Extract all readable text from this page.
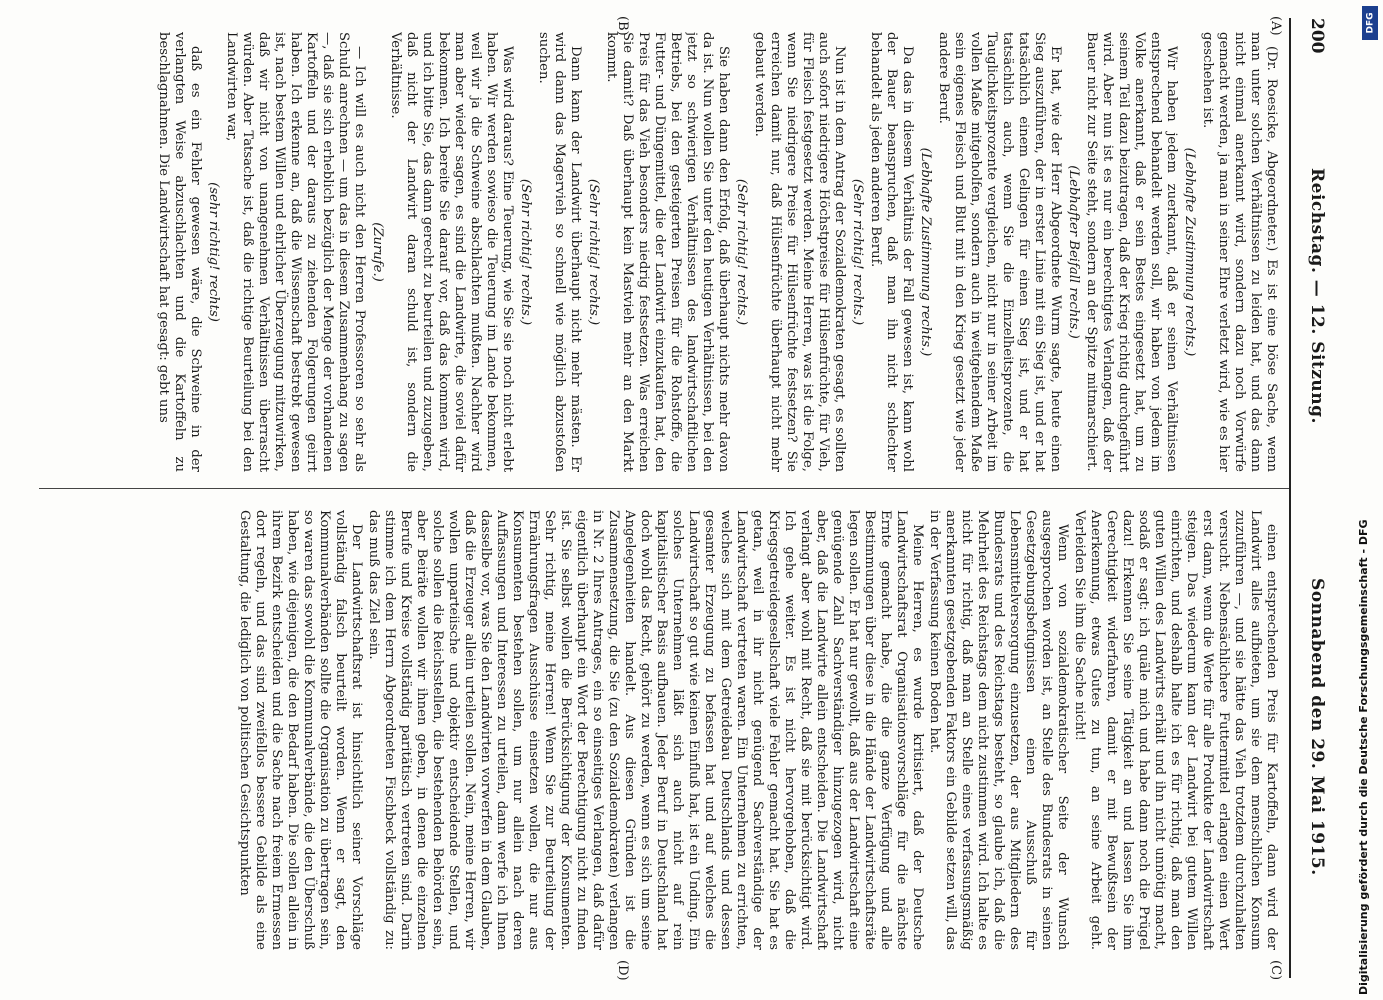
200
Reichstag. — 12. Sitzung.
Sonnabend den 29. Mai 1915.
(A)
(B)
(C)
(D)

(Dr. Roesicke, Abgeordneter.) Es ist eine böse Sache, wenn man unter solchen Verhältnissen zu leiden hat, und das dann nicht einmal anerkannt wird, sondern dazu noch Vorwürfe gemacht werden, ja man in seiner Ehre verletzt wird, wie es hier geschehen ist.

(Lebhafte Zustimmung rechts.)

Wir haben jedem zuerkannt, daß er seinen Verhältnissen entsprechend behandelt werden soll, wir haben von jedem im Volke anerkannt, daß er sein Bestes eingesetzt hat, um zu seinem Teil dazu beizutragen, daß der Krieg richtig durchgeführt wird. Aber nun ist es nur ein berechtigtes Verlangen, daß der Bauer nicht zur Seite steht, sondern an der Spitze mitmarschiert.

(Lebhafter Beifall rechts.)

Er hat, wie der Herr Abgeordnete Wurm sagte, heute einen Sieg auszuführen, der in erster Linie mit ein Sieg ist, und er hat tatsächlich einem Gelingen für einen Sieg ist, und er hat tatsächlich auch, wenn Sie die Einzelheitsprozente, die Tauglichkeitsprozente vergleichen, nicht nur in seiner Arbeit im vollen Maße mitgeholfen, sondern auch in weitgehendem Maße sein eigenes Fleisch und Blut mit in den Krieg gesetzt wie jeder andere Beruf.

(Lebhafte Zustimmung rechts.)

Da das in diesem Verhältnis der Fall gewesen ist, kann wohl der Bauer beanspruchen, daß man ihn nicht schlechter behandelt als jeden anderen Beruf.

(Sehr richtig! rechts.)

Nun ist in dem Antrag der Sozialdemokraten gesagt, es sollten auch sofort niedrigere Höchstpreise für Hülsenfrüchte, für Vieh, für Fleisch festgesetzt werden. Meine Herren, was ist die Folge, wenn Sie niedrigere Preise für Hülsenfrüchte festsetzen? Sie erreichen damit nur, daß Hülsenfrüchte überhaupt nicht mehr gebaut werden.

(Sehr richtig! rechts.)

Sie haben dann den Erfolg, daß überhaupt nichts mehr davon da ist. Nun wollen Sie unter den heutigen Verhältnissen, bei den jetzt so schwierigen Verhältnissen des landwirtschaftlichen Betriebs, bei den gesteigerten Preisen für die Rohstoffe, die Futter- und Düngemittel, die der Landwirt einzukaufen hat, den Preis für das Vieh besonders niedrig festsetzen. Was erreichen Sie damit? Daß überhaupt kein Mastvieh mehr an den Markt kommt.

(Sehr richtig! rechts.)

Dann kann der Landwirt überhaupt nicht mehr mästen. Er wird dann das Magervieh so schnell wie möglich abzustoßen suchen.

(Sehr richtig! rechts.)

Was wird daraus? Eine Teuerung, wie Sie sie noch nicht erlebt haben. Wir werden sowieso die Teuerung im Lande bekommen, weil wir ja die Schweine abschlachten mußten. Nachher wird man aber wieder sagen, es sind die Landwirte, die soviel dafür bekommen. Ich bereite Sie darauf vor, daß das kommen wird, und ich bitte Sie, das dann gerecht zu beurteilen und zuzugeben, daß nicht der Landwirt daran schuld ist, sondern die Verhältnisse.

(Zurufe.)

— Ich will es auch nicht den Herren Professoren so sehr als Schuld anrechnen — um das in diesem Zusammenhang zu sagen —, daß sie sich erheblich bezüglich der Menge der vorhandenen Kartoffeln und der daraus zu ziehenden Folgerungen geirrt haben. Ich erkenne an, daß die Wissenschaft bestrebt gewesen ist, nach bestem Willen und ehrlicher Überzeugung mitzuwirken, daß wir nicht von unangenehmen Verhältnissen überrascht würden. Aber Tatsache ist, daß die richtige Beurteilung bei den Landwirten war,

(sehr richtig! rechts)

daß es ein Fehler gewesen wäre, die Schweine in der verlangten Weise abzuschlachten und die Kartoffeln zu beschlagnahmen. Die Landwirtschaft hat gesagt: gebt uns

einen entsprechenden Preis für Kartoffeln, dann wird der Landwirt alles aufbieten, um sie dem menschlichen Konsum zuzuführen —, und sie hätte das Vieh trotzdem durchzuhalten versucht. Nebensächlichere Futtermittel erlangen einen Wert erst dann, wenn die Werte für alle Produkte der Landwirtschaft steigen. Das wiederum kann der Landwirt bei gutem Willen einrichten, und deshalb halte ich es für richtig, daß man den guten Willen des Landwirts erhält und ihn nicht unnötig macht, sodaß er sagt: ich quäle mich und habe dann noch die Prügel dazu! Erkennen Sie seine Tätigkeit an und lassen Sie ihm Gerechtigkeit widerfahren, damit er mit Bewußtsein der Anerkennung, etwas Gutes zu tun, an seine Arbeit geht. Verleiden Sie ihm die Sache nicht!

Wenn von sozialdemokratischer Seite der Wunsch ausgesprochen worden ist, an Stelle des Bundesrats in seinen Gesetzgebungsbefugnissen einen Ausschuß für Lebensmittelversorgung einzusetzen, der aus Mitgliedern des Bundesrats und des Reichstags besteht, so glaube ich, daß die Mehrheit des Reichstags dem nicht zustimmen wird. Ich halte es nicht für richtig, daß man an Stelle eines verfassungsmäßig anerkannten gesetzgebenden Faktors ein Gebilde setzen will, das in der Verfassung keinen Boden hat.

Meine Herren, es wurde kritisiert, daß der Deutsche Landwirtschaftsrat Organisationsvorschläge für die nächste Ernte gemacht habe, die die ganze Verfügung und alle Bestimmungen über diese in die Hände der Landwirtschaftsräte legen sollen. Er hat nur gewollt, daß aus der Landwirtschaft eine genügende Zahl Sachverständiger hinzugezogen wird, nicht aber, daß die Landwirte allein entscheiden. Die Landwirtschaft verlangt aber wohl mit Recht, daß sie mit berücksichtigt wird. Ich gehe weiter. Es ist nicht hervorgehoben, daß die Kriegsgetreidegesellschaft viele Fehler gemacht hat. Sie hat es getan, weil in ihr nicht genügend Sachverständige der Landwirtschaft vertreten waren. Ein Unternehmen zu errichten, welches sich mit dem Getreidebau Deutschlands und dessen gesamter Erzeugung zu befassen hat und auf welches die Landwirtschaft so gut wie keinen Einfluß hat, ist ein Unding. Ein solches Unternehmen läßt sich auch nicht auf rein kapitalistischer Basis aufbauen. Jeder Beruf in Deutschland hat doch wohl das Recht, gehört zu werden, wenn es sich um seine Angelegenheiten handelt. Aus diesen Gründen ist die Zusammensetzung, die Sie (zu den Sozialdemokraten) verlangen in Nr. 2 Ihres Antrages, ein so einseitiges Verlangen, daß dafür eigentlich überhaupt ein Wort der Berechtigung nicht zu finden ist. Sie selbst wollen die Berücksichtigung der Konsumenten. Sehr richtig, meine Herren! Wenn Sie zur Beurteilung der Ernährungsfragen Ausschüsse einsetzen wollen, die nur aus Konsumenten bestehen sollen, um nur allein nach deren Auffassungen und Interessen zu urteilen, dann werfe ich Ihnen dasselbe vor, was Sie den Landwirten vorwerfen in dem Glauben, daß die Erzeuger allein urteilen sollen. Nein, meine Herren, wir wollen unparteiische und objektiv entscheidende Stellen, und solche sollen die Reichsstellen, die bestehenden Behörden sein, aber Beiräte wollen wir ihnen geben, in denen die einzelnen Berufe und Kreise vollständig paritätisch vertreten sind. Darin stimme ich dem Herrn Abgeordneten Fischbeck vollständig zu: das muß das Ziel sein.

Der Landwirtschaftsrat ist hinsichtlich seiner Vorschläge vollständig falsch beurteilt worden. Wenn er sagt, den Kommunalverbänden sollte die Organisation zu übertragen sein, so waren das sowohl die Kommunalverbände, die den Überschuß haben, wie diejenigen, die den Bedarf haben. Die sollen allein in ihrem Bezirk entscheiden und die Sache nach freiem Ermessen dort regeln, und das sind zweifellos bessere Gebilde als eine Gestaltung, die lediglich von politischen Gesichtspunkten	Digitalisierung gefördert durch die Deutsche Forschungsgemeinschaft - DFG
DFG
